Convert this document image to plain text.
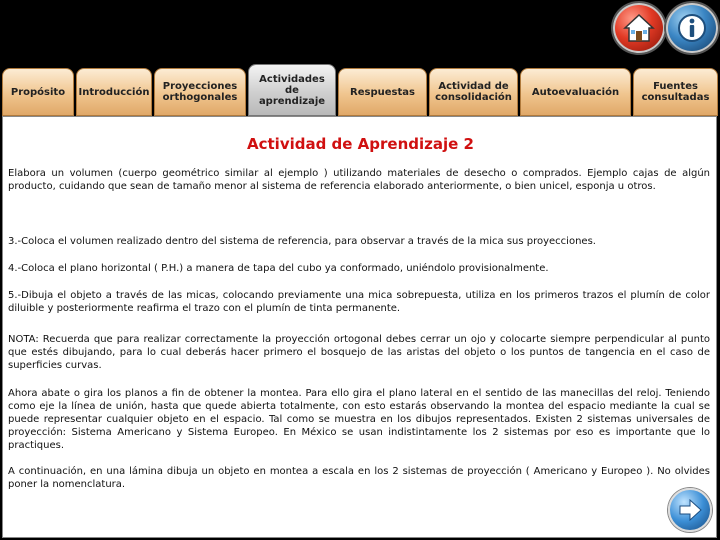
Propósito	Introducción	Proyecciones
orthogonales
Actividades
de
aprendizaje
Respuestas	Actividad de
consolidación	Autoevaluación	Fuentes
consultadas
Actividad de Aprendizaje 2
Elabora un volumen (cuerpo geométrico similar al ejemplo ) utilizando materiales de desecho o comprados. Ejemplo cajas de algún producto, cuidando que sean de tamaño menor al sistema de referencia elaborado anteriormente, o bien unicel, esponja u otros.
3.-Coloca el volumen realizado dentro del sistema de referencia, para observar a través de la mica sus proyecciones.
4.-Coloca el plano horizontal ( P.H.) a manera de tapa del cubo ya conformado, uniéndolo provisionalmente.
5.-Dibuja el objeto a través de las micas, colocando previamente una mica sobrepuesta, utiliza en los primeros trazos el plumín de color diluible y posteriormente reafirma el trazo con el plumín de tinta permanente.
NOTA: Recuerda que para realizar correctamente la proyección ortogonal debes cerrar un ojo y colocarte siempre perpendicular al punto que estés dibujando, para lo cual deberás hacer primero el bosquejo de las aristas del objeto o los puntos de tangencia en el caso de superficies curvas.
Ahora abate o gira los planos a fin de obtener la montea. Para ello gira el plano lateral en el sentido de las manecillas del reloj. Teniendo como eje la línea de unión, hasta que quede abierta totalmente, con esto estarás observando la montea del espacio mediante la cual se puede representar cualquier objeto en el espacio. Tal como se muestra en los dibujos representados. Existen 2 sistemas universales de proyección: Sistema Americano y Sistema Europeo. En México se usan indistintamente los 2 sistemas por eso es importante que lo practiques.
A continuación, en una lámina dibuja un objeto en montea a escala en los 2 sistemas de proyección ( Americano y Europeo ). No olvides poner la nomenclatura.
